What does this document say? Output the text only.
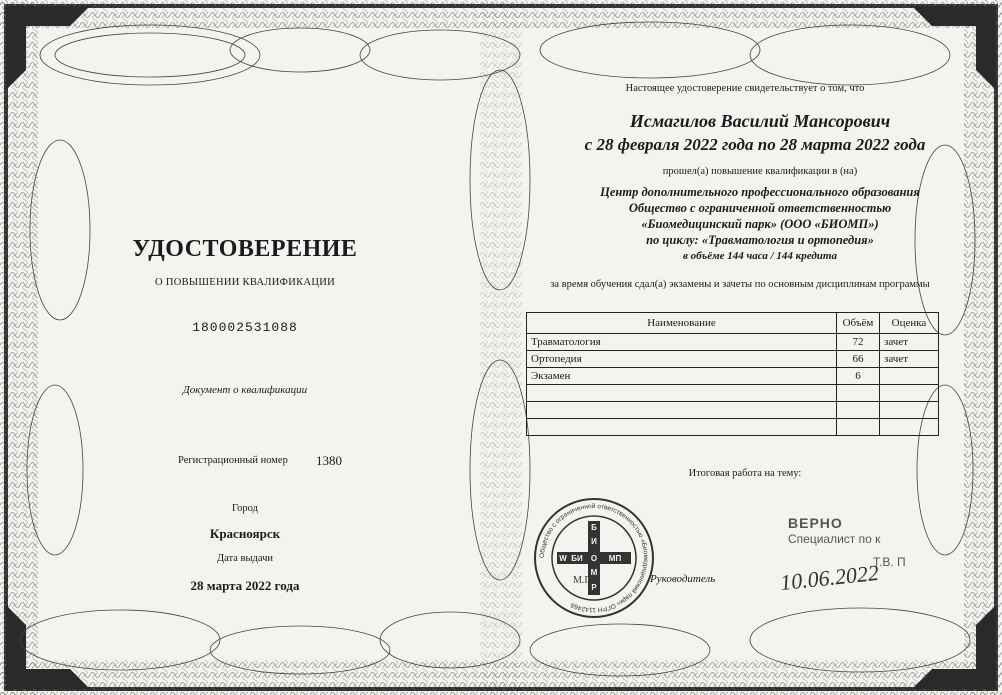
УДОСТОВЕРЕНИЕ
О ПОВЫШЕНИИ КВАЛИФИКАЦИИ
180002531088
Документ о квалификации
Регистрационный номер 1380
Город
Красноярск
Дата выдачи
28 марта 2022 года
Настоящее удостоверение свидетельствует о том, что
Исмагилов Василий Мансорович
с 28 февраля 2022 года по 28 марта 2022 года
прошел(а) повышение квалификации в (на)
Центр дополнительного профессионального образования
Общество с ограниченной ответственностью
«Биомедицинский парк» (ООО «БИОМП»)
по циклу: «Травматология и ортопедия»
в объёме 144 часа / 144 кредита
за время обучения сдал(а) экзамены и зачеты по основным дисциплинам программы
Наименование	Объём	Оценка
Травматология	72	зачет
Ортопедия	66	зачет
Экзамен	6	

Итоговая работа на тему:
Общество с ограниченной ответственностью «Биомедицинский парк» ОГРН 1142468
Б
И
М
Р
W БИ О МП
М.П.	Руководитель
ВЕРНО
Специалист по к
Т.В. П
10.06.2022
